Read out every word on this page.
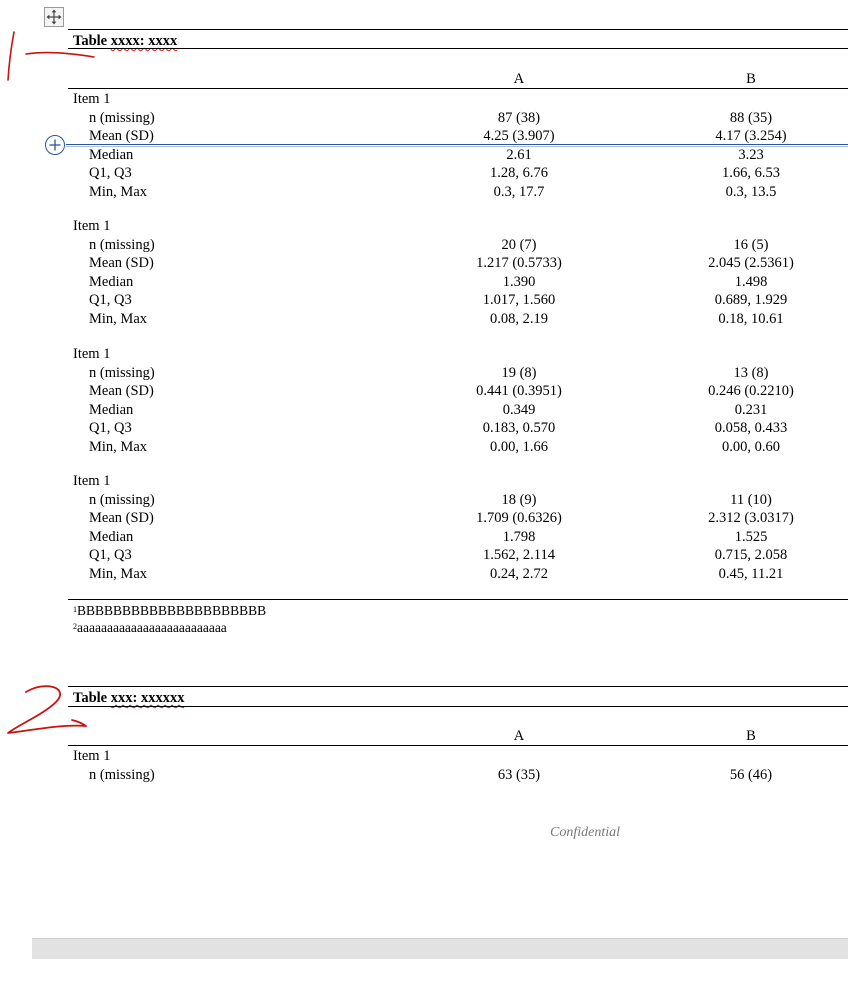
Table xxxx: xxxx
A	B
Item 1
n (missing)	87 (38)	88 (35)
Mean (SD)	4.25 (3.907)	4.17 (3.254)
Median	2.61	3.23
Q1, Q3	1.28, 6.76	1.66, 6.53
Min, Max	0.3, 17.7	0.3, 13.5
Item 1
n (missing)	20 (7)	16 (5)
Mean (SD)	1.217 (0.5733)	2.045 (2.5361)
Median	1.390	1.498
Q1, Q3	1.017, 1.560	0.689, 1.929
Min, Max	0.08, 2.19	0.18, 10.61
Item 1
n (missing)	19 (8)	13 (8)
Mean (SD)	0.441 (0.3951)	0.246 (0.2210)
Median	0.349	0.231
Q1, Q3	0.183, 0.570	0.058, 0.433
Min, Max	0.00, 1.66	0.00, 0.60
Item 1
n (missing)	18 (9)	11 (10)
Mean (SD)	1.709 (0.6326)	2.312 (3.0317)
Median	1.798	1.525
Q1, Q3	1.562, 2.114	0.715, 2.058
Min, Max	0.24, 2.72	0.45, 11.21
$^1$BBBBBBBBBBBBBBBBBBBBB
$^2$aaaaaaaaaaaaaaaaaaaaaaaaa
Table xxx: xxxxxx
A	B
Item 1
n (missing)	63 (35)	56 (46)
Confidential
